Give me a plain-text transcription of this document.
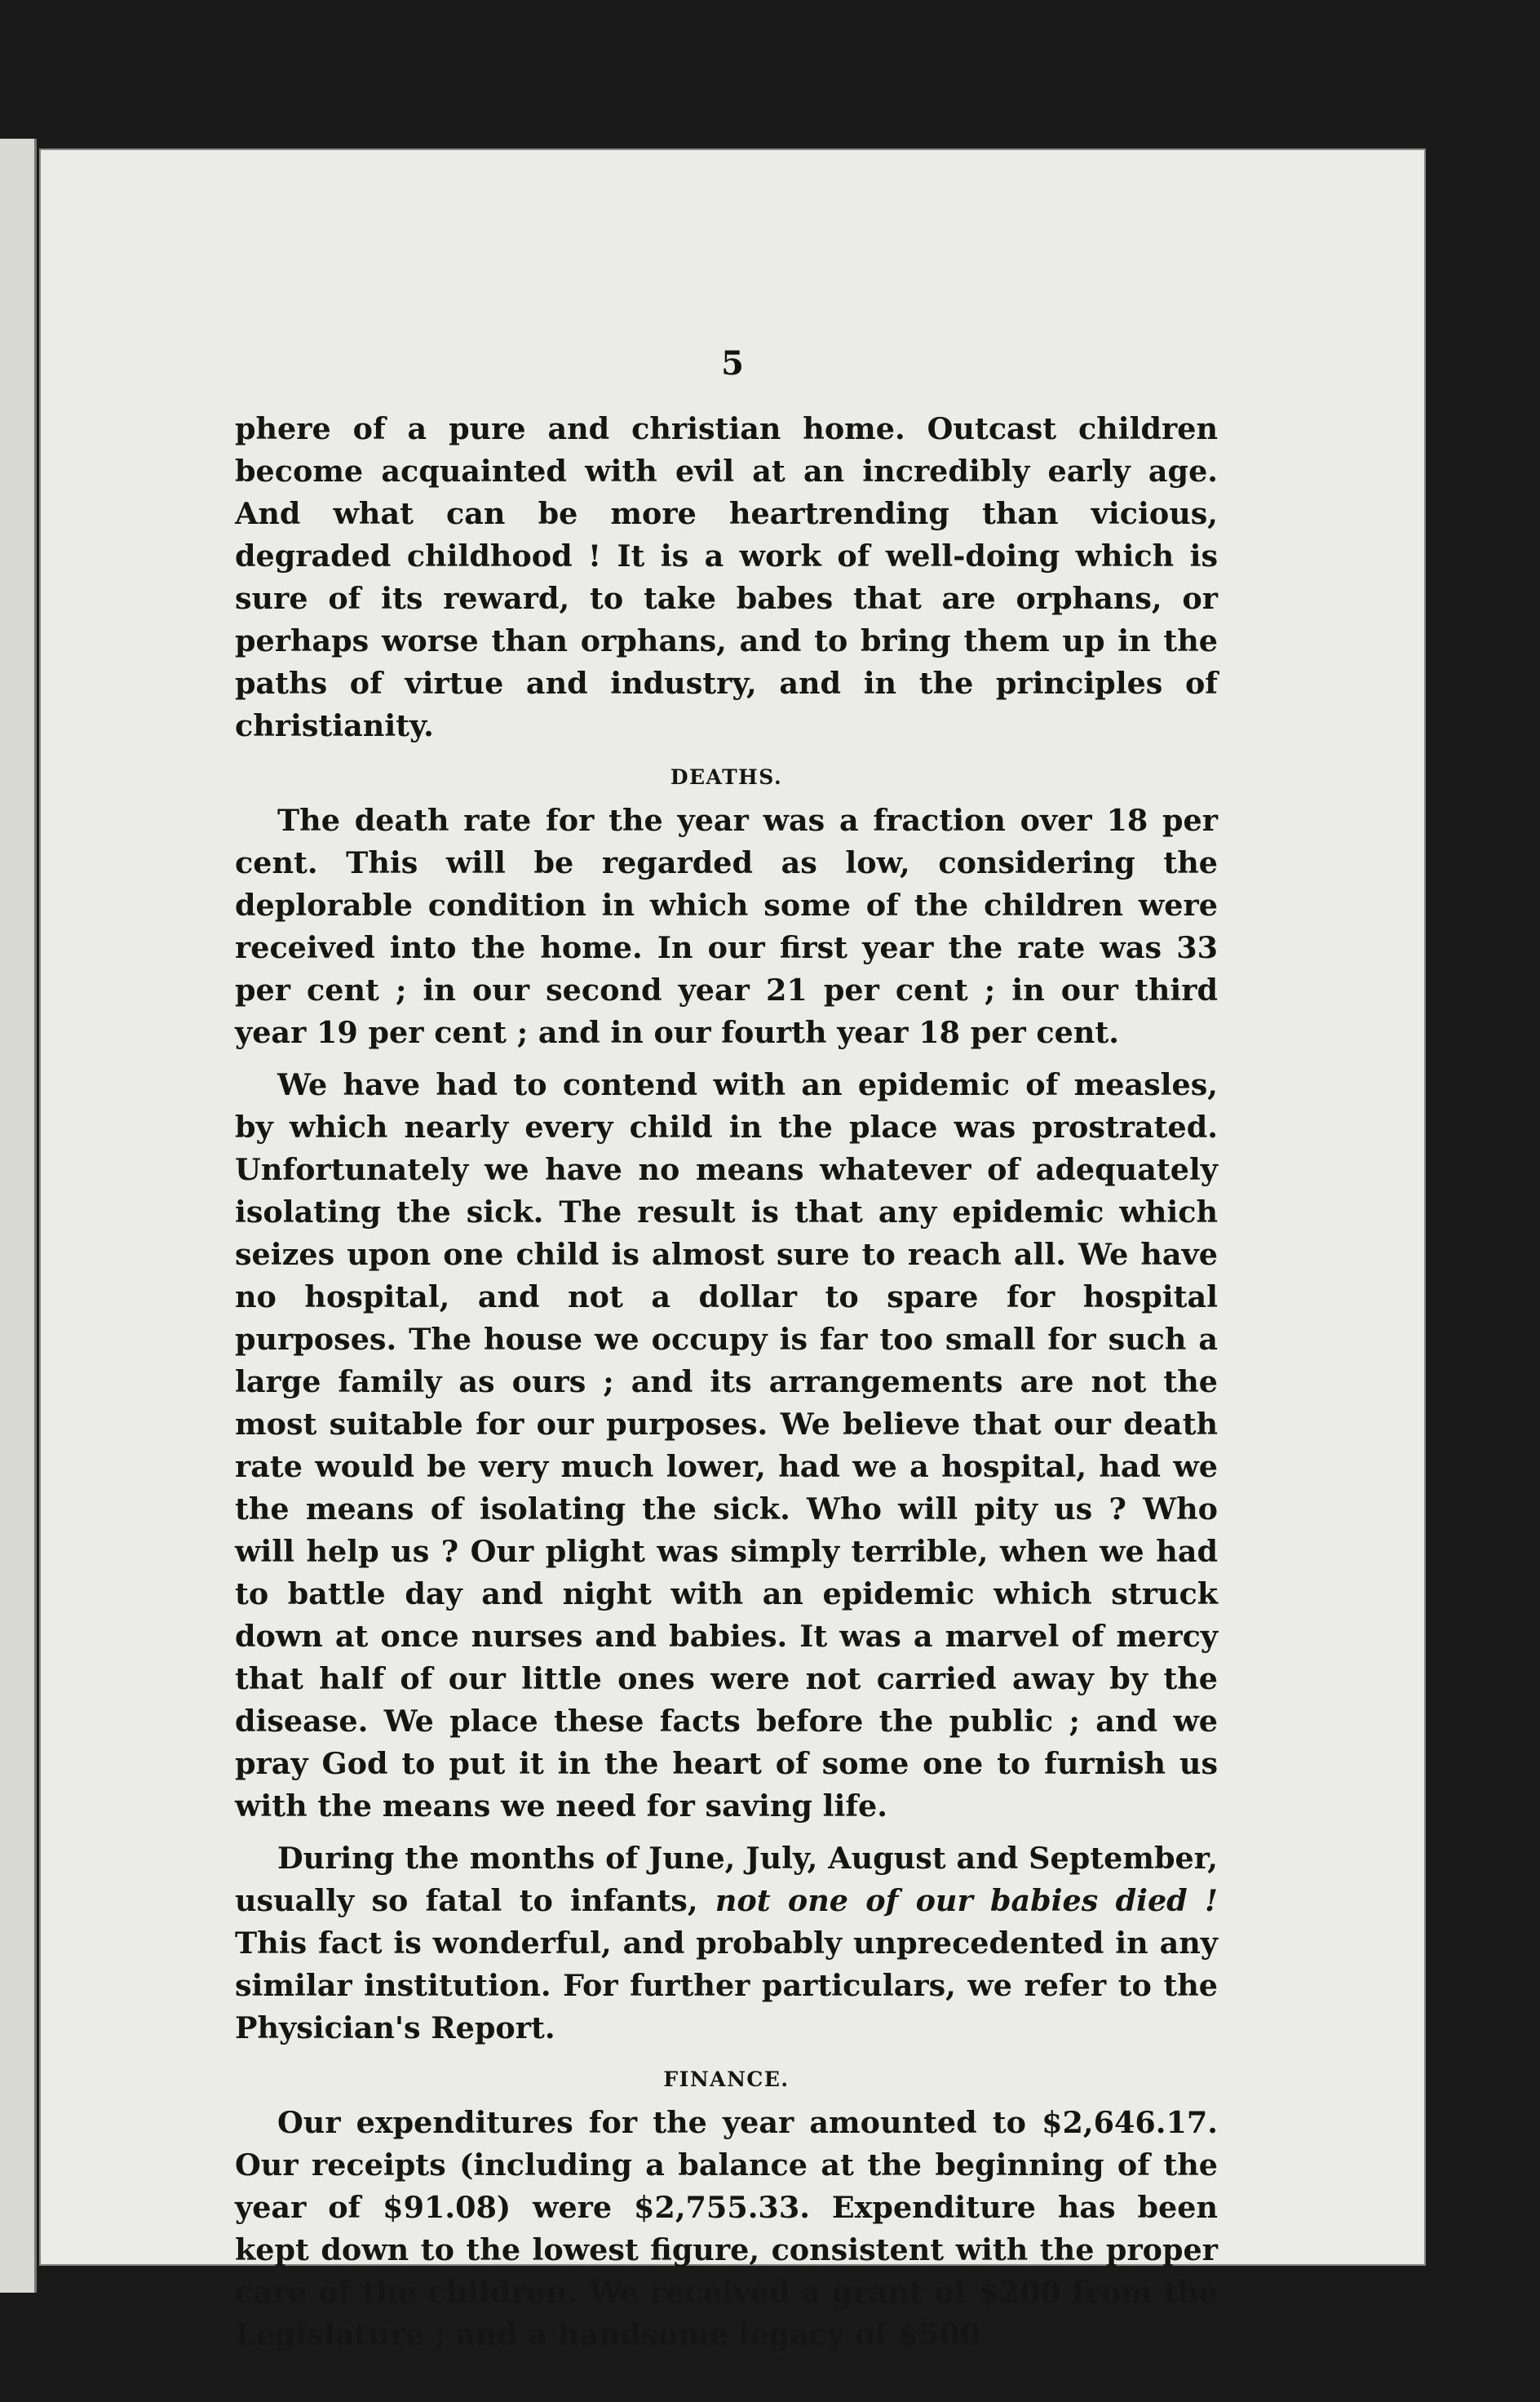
5

phere of a pure and christian home. Outcast children become acquainted with evil at an incredibly early age. And what can be more heartrending than vicious, degraded childhood ! It is a work of well-doing which is sure of its reward, to take babes that are orphans, or perhaps worse than orphans, and to bring them up in the paths of virtue and industry, and in the principles of christianity.

DEATHS.

The death rate for the year was a fraction over 18 per cent. This will be regarded as low, considering the deplorable condition in which some of the children were received into the home. In our first year the rate was 33 per cent ; in our second year 21 per cent ; in our third year 19 per cent ; and in our fourth year 18 per cent.

We have had to contend with an epidemic of measles, by which nearly every child in the place was prostrated. Unfortunately we have no means whatever of adequately isolating the sick. The result is that any epidemic which seizes upon one child is almost sure to reach all. We have no hospital, and not a dollar to spare for hospital purposes. The house we occupy is far too small for such a large family as ours ; and its arrangements are not the most suitable for our purposes. We believe that our death rate would be very much lower, had we a hospital, had we the means of isolating the sick. Who will pity us ? Who will help us ? Our plight was simply terrible, when we had to battle day and night with an epidemic which struck down at once nurses and babies. It was a marvel of mercy that half of our little ones were not carried away by the disease. We place these facts before the public ; and we pray God to put it in the heart of some one to furnish us with the means we need for saving life.

During the months of June, July, August and September, usually so fatal to infants, not one of our babies died ! This fact is wonderful, and probably unprecedented in any similar institution. For further particulars, we refer to the Physician's Report.

FINANCE.

Our expenditures for the year amounted to $2,646.17. Our receipts (including a balance at the beginning of the year of $91.08) were $2,755.33. Expenditure has been kept down to the lowest figure, consistent with the proper care of the children. We received a grant of $200 from the Legislature ; and a handsome legacy of $500
